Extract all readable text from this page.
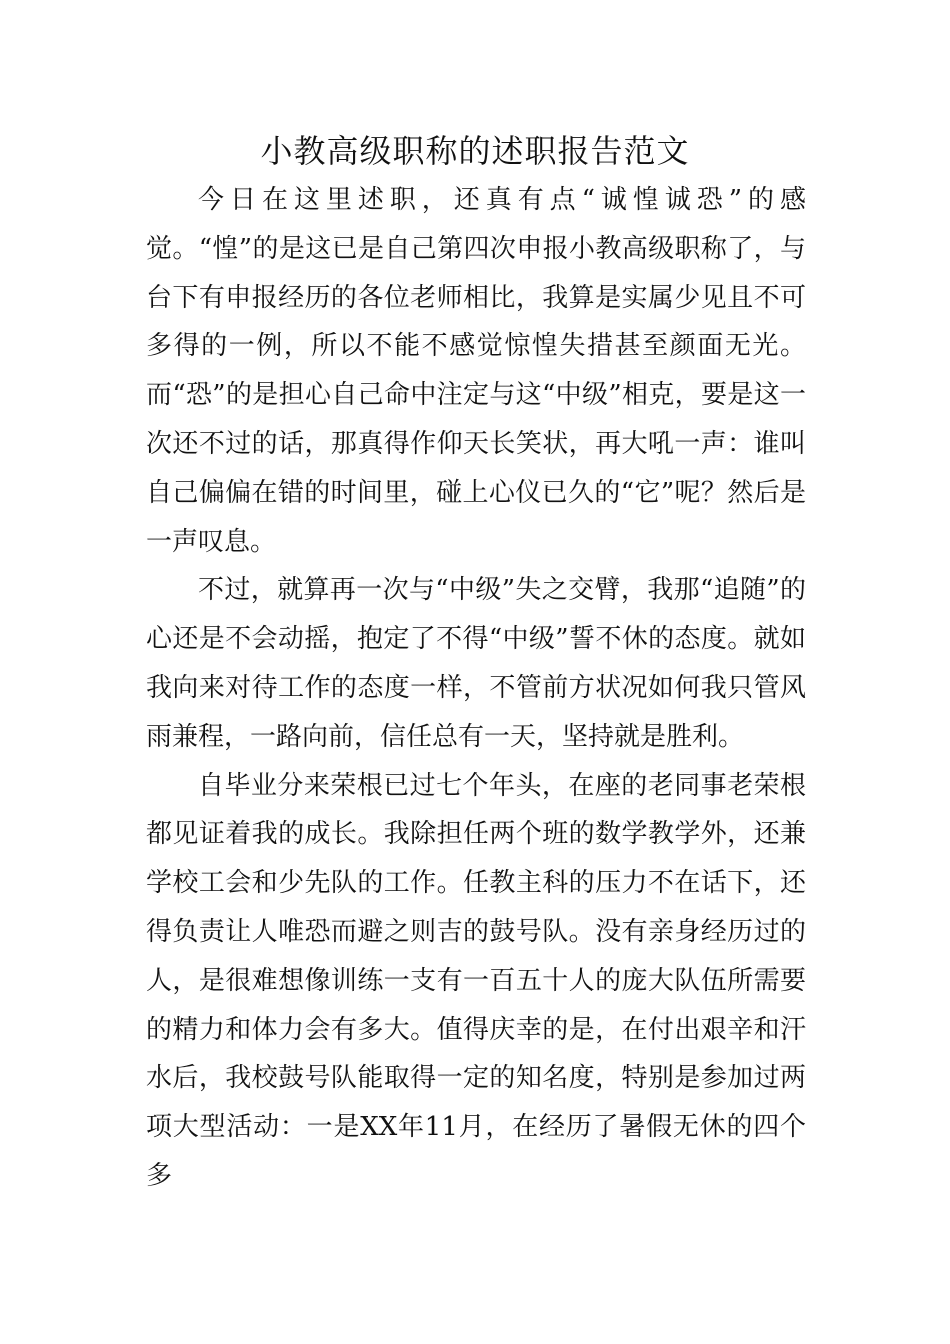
小教高级职称的述职报告范文

今日在这里述职，还真有点“诚惶诚恐”的感觉。“惶”的是这已是自己第四次申报小教高级职称了，与台下有申报经历的各位老师相比，我算是实属少见且不可多得的一例，所以不能不感觉惊惶失措甚至颜面无光。而“恐”的是担心自己命中注定与这“中级”相克，要是这一次还不过的话，那真得作仰天长笑状，再大吼一声：谁叫自己偏偏在错的时间里，碰上心仪已久的“它”呢？然后是一声叹息。

不过，就算再一次与“中级”失之交臂，我那“追随”的心还是不会动摇，抱定了不得“中级”誓不休的态度。就如我向来对待工作的态度一样，不管前方状况如何我只管风雨兼程，一路向前，信任总有一天，坚持就是胜利。

自毕业分来荣根已过七个年头，在座的老同事老荣根都见证着我的成长。我除担任两个班的数学教学外，还兼学校工会和少先队的工作。任教主科的压力不在话下，还得负责让人唯恐而避之则吉的鼓号队。没有亲身经历过的人，是很难想像训练一支有一百五十人的庞大队伍所需要的精力和体力会有多大。值得庆幸的是，在付出艰辛和汗水后，我校鼓号队能取得一定的知名度，特别是参加过两项大型活动：一是XX年11月，在经历了暑假无休的四个多
